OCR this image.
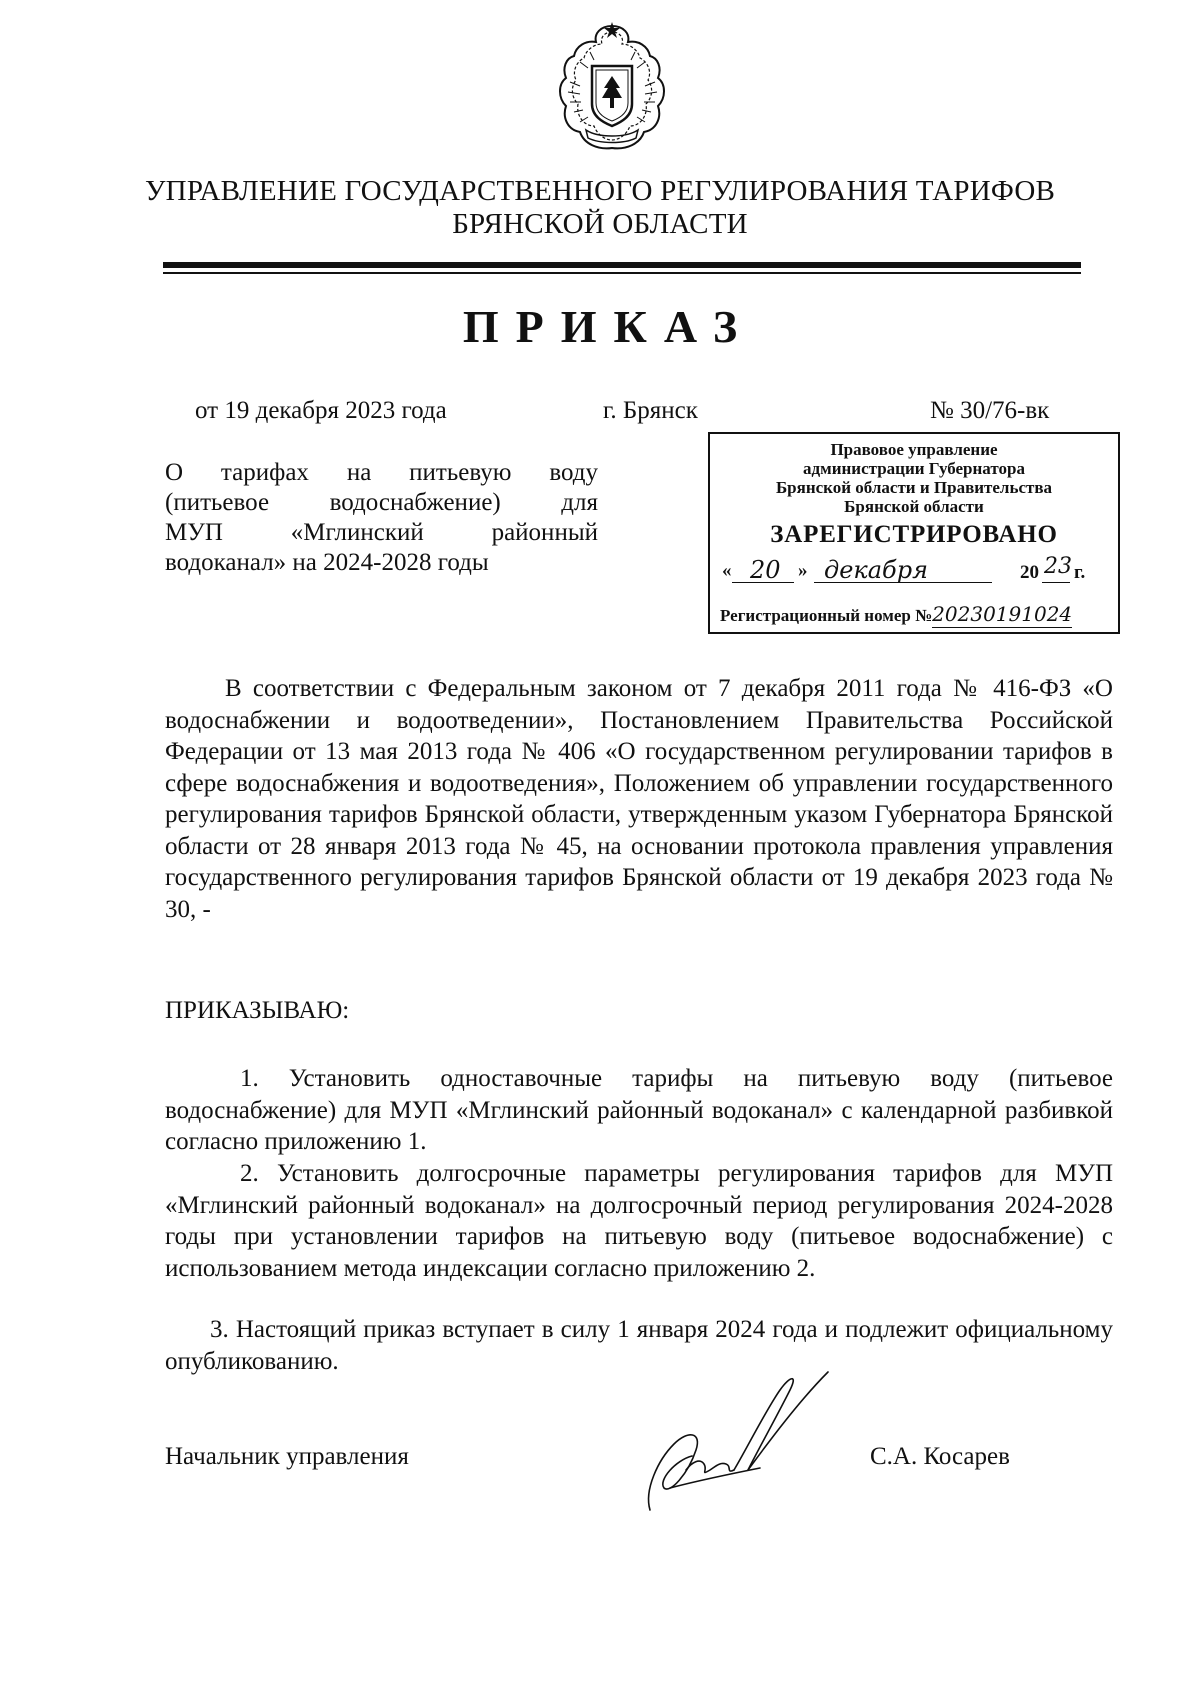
УПРАВЛЕНИЕ ГОСУДАРСТВЕННОГО РЕГУЛИРОВАНИЯ ТАРИФОВ
БРЯНСКОЙ ОБЛАСТИ
ПРИКАЗ
от 19 декабря 2023 года	г. Брянск	№ 30/76-вк
О тарифах на питьевую воду
(питьевое водоснабжение) для
МУП «Мглинский районный
водоканал» на 2024-2028 годы
Правовое управление
администрации Губернатора
Брянской области и Правительства
Брянской области
ЗАРЕГИСТРИРОВАНО
« 20 » декабря	20 23 г.
Регистрационный номер №20230191024
В соответствии с Федеральным законом от 7 декабря 2011 года № 416-ФЗ «О водоснабжении и водоотведении», Постановлением Правительства Российской Федерации от 13 мая 2013 года № 406 «О государственном регулировании тарифов в сфере водоснабжения и водоотведения», Положением об управлении государственного регулирования тарифов Брянской области, утвержденным указом Губернатора Брянской области от 28 января 2013 года № 45, на основании протокола правления управления государственного регулирования тарифов Брянской области от 19 декабря 2023 года № 30, -
ПРИКАЗЫВАЮ:
1. Установить одноставочные тарифы на питьевую воду (питьевое водоснабжение) для МУП «Мглинский районный водоканал» с календарной разбивкой согласно приложению 1.
2. Установить долгосрочные параметры регулирования тарифов для МУП «Мглинский районный водоканал» на долгосрочный период регулирования 2024-2028 годы при установлении тарифов на питьевую воду (питьевое водоснабжение) с использованием метода индексации согласно приложению 2.
3. Настоящий приказ вступает в силу 1 января 2024 года и подлежит официальному опубликованию.
Начальник управления	С.А. Косарев
